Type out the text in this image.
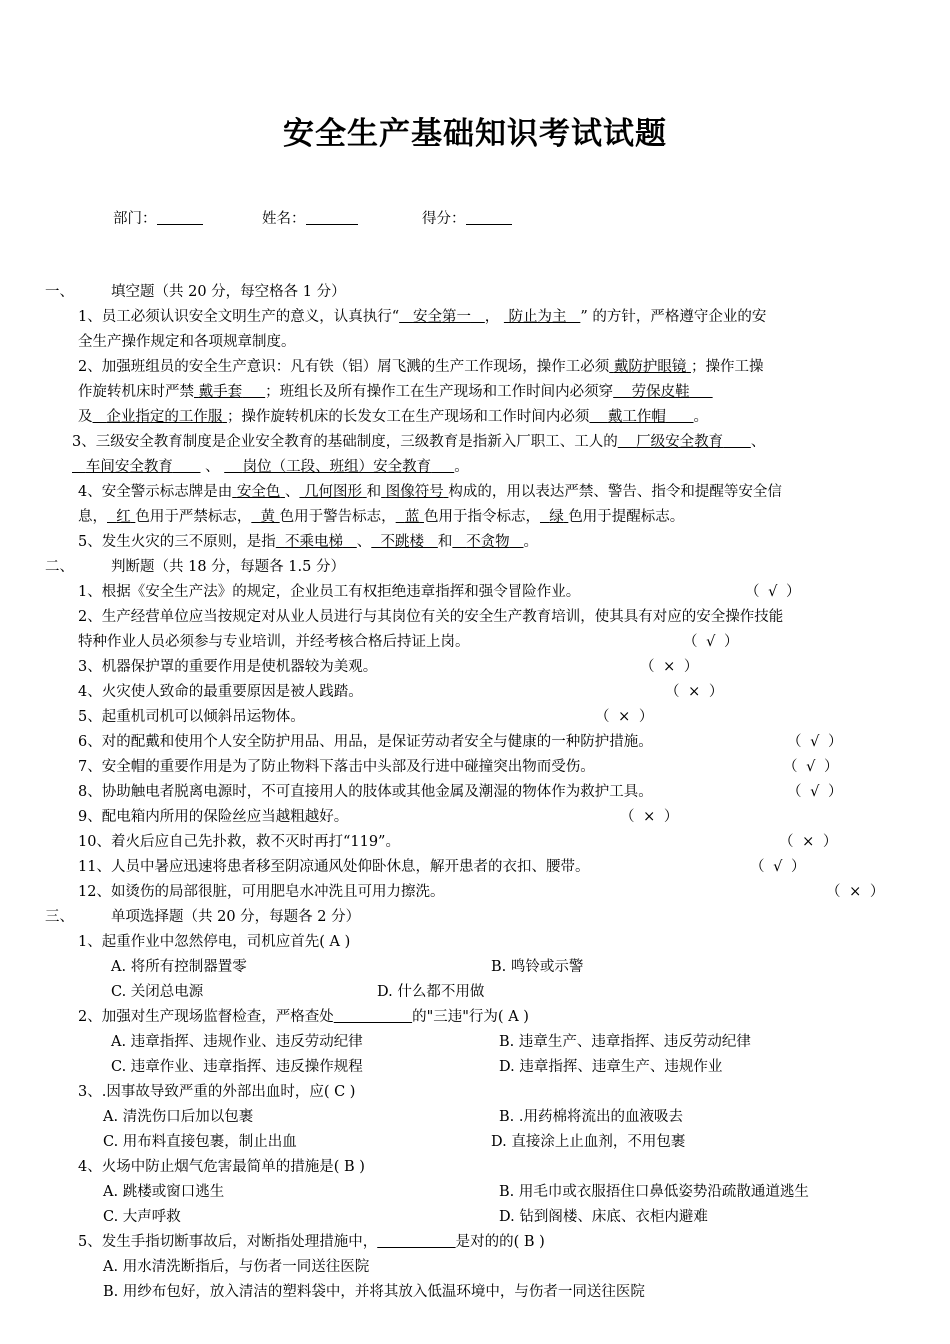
安全生产基础知识考试试题
部门：	姓名：	得分：
一、	填空题（共 20 分，每空格各 1 分）
1、员工必须认识安全文明生产的意义，认真执行“ 安全第一 ， 防止为主 ” 的方针，严格遵守企业的安
全生产操作规定和各项规章制度。
2、加强班组员的安全生产意识：凡有铁（铝）屑飞溅的生产工作现场，操作工必须 戴防护眼镜 ；操作工操
作旋转机床时严禁 戴手套 ；班组长及所有操作工在生产现场和工作时间内必须穿 劳保皮鞋
及 企业指定的工作服 ；操作旋转机床的长发女工在生产现场和工作时间内必须 戴工作帽 。
3、三级安全教育制度是企业安全教育的基础制度，三级教育是指新入厂职工、工人的 厂级安全教育 、
车间安全教育 、 岗位（工段、班组）安全教育 。
4、安全警示标志牌是由 安全色 、 几何图形 和 图像符号 构成的，用以表达严禁、警告、指令和提醒等安全信
息， 红 色用于严禁标志， 黄 色用于警告标志， 蓝 色用于指令标志， 绿 色用于提醒标志。
5、发生火灾的三不原则，是指 不乘电梯 、 不跳楼 和 不贪物 。
二、	判断题（共 18 分，每题各 1.5 分）
1、根据《安全生产法》的规定，企业员工有权拒绝违章指挥和强令冒险作业。	（ √ ）
2、生产经营单位应当按规定对从业人员进行与其岗位有关的安全生产教育培训，使其具有对应的安全操作技能
特种作业人员必须参与专业培训，并经考核合格后持证上岗。	（ √ ）
3、机器保护罩的重要作用是使机器较为美观。	（ × ）
4、火灾使人致命的最重要原因是被人践踏。	（ × ）
5、起重机司机可以倾斜吊运物体。	（ × ）
6、对的配戴和使用个人安全防护用品、用品，是保证劳动者安全与健康的一种防护措施。	（ √ ）
7、安全帽的重要作用是为了防止物料下落击中头部及行进中碰撞突出物而受伤。	（ √ ）
8、协助触电者脱离电源时，不可直接用人的肢体或其他金属及潮湿的物体作为救护工具。	（ √ ）
9、配电箱内所用的保险丝应当越粗越好。	（ × ）
10、着火后应自己先扑救，救不灭时再打“119”。	（ × ）
11、人员中暑应迅速将患者移至阴凉通风处仰卧休息，解开患者的衣扣、腰带。	（ √ ）
12、如烫伤的局部很脏，可用肥皂水冲洗且可用力擦洗。	（ × ）
三、	单项选择题（共 20 分，每题各 2 分）
1、起重作业中忽然停电，司机应首先( A )
A. 将所有控制器置零	B. 鸣铃或示警
C. 关闭总电源	D. 什么都不用做
2、加强对生产现场监督检查，严格查处	的"三违"行为( A )
A. 违章指挥、违规作业、违反劳动纪律	B. 违章生产、违章指挥、违反劳动纪律
C. 违章作业、违章指挥、违反操作规程	D. 违章指挥、违章生产、违规作业
3、.因事故导致严重的外部出血时，应( C )
A. 清洗伤口后加以包裹	B. .用药棉将流出的血液吸去
C. 用布料直接包裹，制止出血	D. 直接涂上止血剂，不用包裹
4、火场中防止烟气危害最简单的措施是( B )
A. 跳楼或窗口逃生	B. 用毛巾或衣服捂住口鼻低姿势沿疏散通道逃生
C. 大声呼救	D. 钻到阁楼、床底、衣柜内避难
5、发生手指切断事故后，对断指处理措施中，	是对的的( B )
A. 用水清洗断指后，与伤者一同送往医院
B. 用纱布包好，放入清洁的塑料袋中，并将其放入低温环境中，与伤者一同送往医院
